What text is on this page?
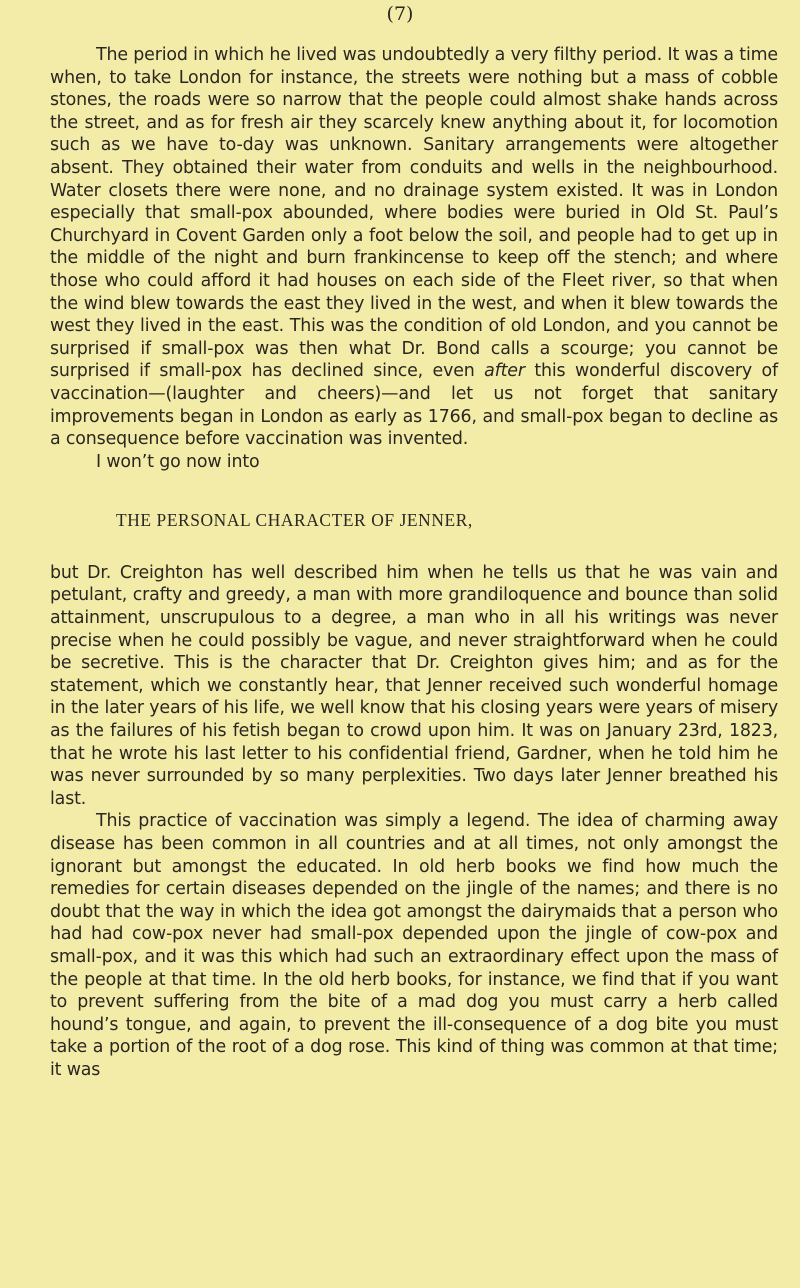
(7)

The period in which he lived was undoubtedly a very filthy period. It was a time when, to take London for instance, the streets were nothing but a mass of cobble stones, the roads were so narrow that the people could almost shake hands across the street, and as for fresh air they scarcely knew anything about it, for locomotion such as we have to-day was unknown. Sanitary arrangements were altogether absent. They obtained their water from conduits and wells in the neighbourhood. Water closets there were none, and no drainage system existed. It was in London especially that small-pox abounded, where bodies were buried in Old St. Paul’s Churchyard in Covent Garden only a foot below the soil, and people had to get up in the middle of the night and burn frankincense to keep off the stench; and where those who could afford it had houses on each side of the Fleet river, so that when the wind blew towards the east they lived in the west, and when it blew towards the west they lived in the east. This was the condition of old London, and you cannot be surprised if small-pox was then what Dr. Bond calls a scourge; you cannot be surprised if small-pox has declined since, even after this wonderful discovery of vaccination—(laughter and cheers)—and let us not forget that sanitary improvements began in London as early as 1766, and small-pox began to decline as a consequence before vaccination was invented.

I won’t go now into

THE PERSONAL CHARACTER OF JENNER,

but Dr. Creighton has well described him when he tells us that he was vain and petulant, crafty and greedy, a man with more grandiloquence and bounce than solid attainment, unscrupulous to a degree, a man who in all his writings was never precise when he could possibly be vague, and never straightforward when he could be secretive. This is the character that Dr. Creighton gives him; and as for the statement, which we constantly hear, that Jenner received such wonderful homage in the later years of his life, we well know that his closing years were years of misery as the failures of his fetish began to crowd upon him. It was on January 23rd, 1823, that he wrote his last letter to his confidential friend, Gardner, when he told him he was never surrounded by so many perplexities. Two days later Jenner breathed his last.

This practice of vaccination was simply a legend. The idea of charming away disease has been common in all countries and at all times, not only amongst the ignorant but amongst the educated. In old herb books we find how much the remedies for certain diseases depended on the jingle of the names; and there is no doubt that the way in which the idea got amongst the dairymaids that a person who had had cow-pox never had small-pox depended upon the jingle of cow-pox and small-pox, and it was this which had such an extraordinary effect upon the mass of the people at that time. In the old herb books, for instance, we find that if you want to prevent suffering from the bite of a mad dog you must carry a herb called hound’s tongue, and again, to prevent the ill-consequence of a dog bite you must take a portion of the root of a dog rose. This kind of thing was common at that time; it was
